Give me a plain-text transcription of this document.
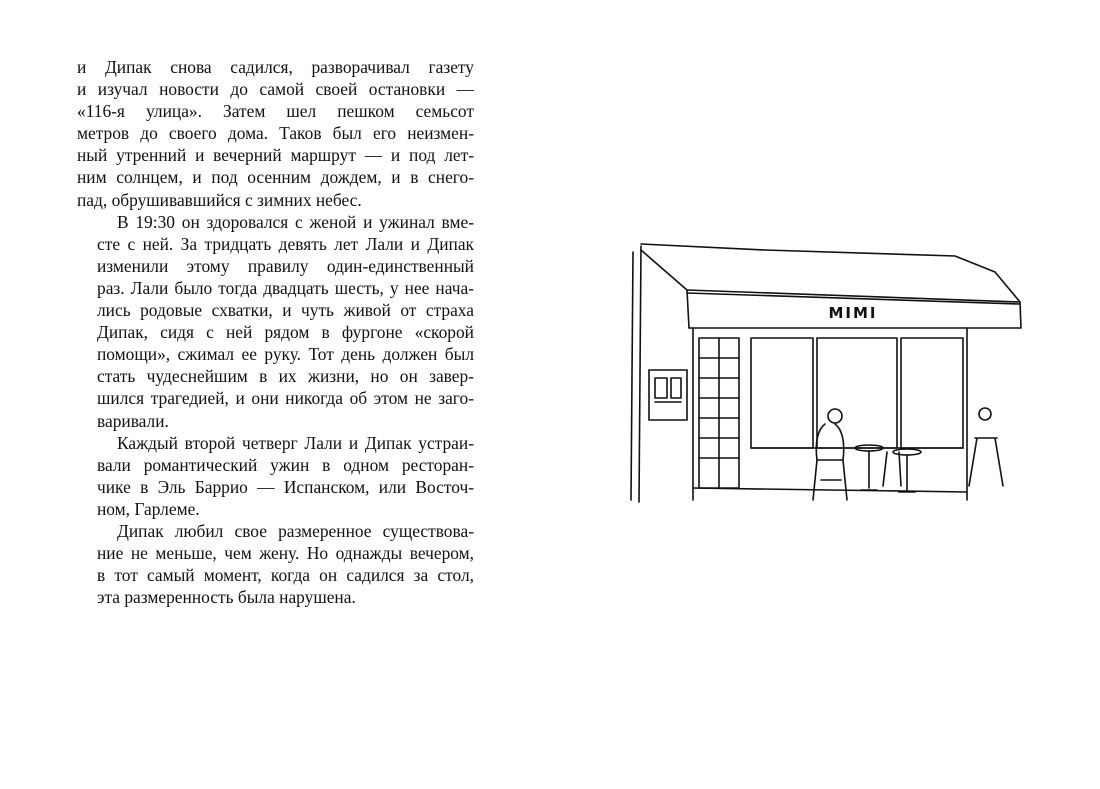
и Дипак снова садился, разворачивал газету
и изучал новости до самой своей остановки —
«116-я улица». Затем шел пешком семьсот
метров до своего дома. Таков был его неизмен-
ный утренний и вечерний маршрут — и под лет-
ним солнцем, и под осенним дождем, и в снего-
пад, обрушивавшийся с зимних небес.

В 19:30 он здоровался с женой и ужинал вме-
сте с ней. За тридцать девять лет Лали и Дипак
изменили этому правилу один-единственный
раз. Лали было тогда двадцать шесть, у нее нача-
лись родовые схватки, и чуть живой от страха
Дипак, сидя с ней рядом в фургоне «скорой
помощи», сжимал ее руку. Тот день должен был
стать чудеснейшим в их жизни, но он завер-
шился трагедией, и они никогда об этом не заго-
варивали.

Каждый второй четверг Лали и Дипак устраи-
вали романтический ужин в одном ресторан-
чике в Эль Баррио — Испанском, или Восточ-
ном, Гарлеме.

Дипак любил свое размеренное существова-
ние не меньше, чем жену. Но однажды вечером,
в тот самый момент, когда он садился за стол,
эта размеренность была нарушена.

MIMI
